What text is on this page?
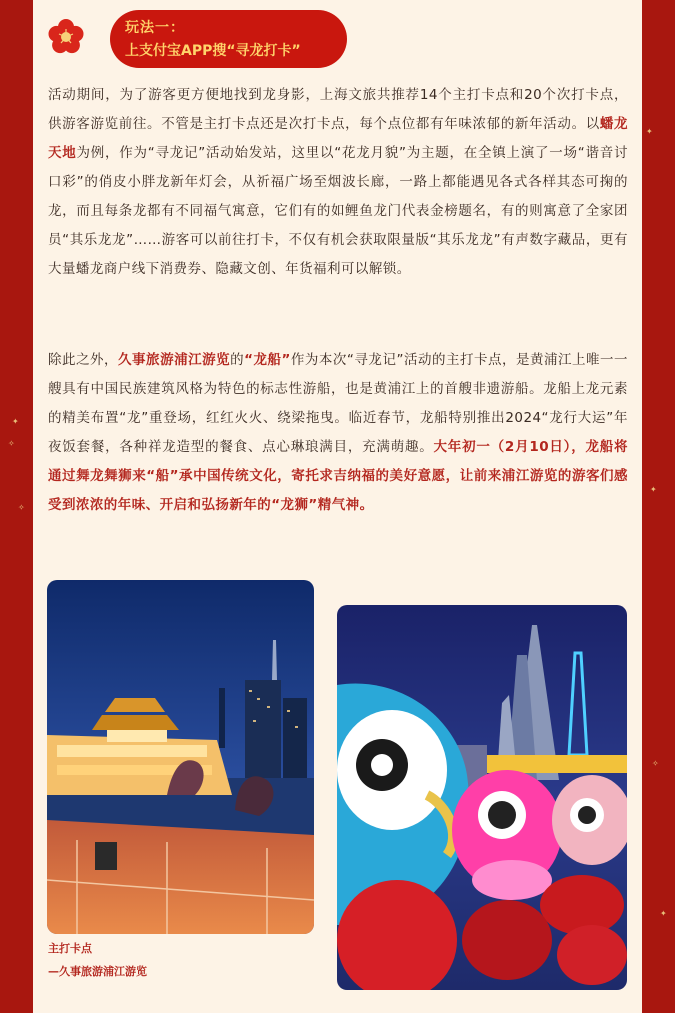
✦
✦
✧
✦
✧
✧
✦
玩法一：
上支付宝APP搜“寻龙打卡”

活动期间，为了游客更方便地找到龙身影，上海文旅共推荐14个主打卡点和20个次打卡点，供游客游览前往。不管是主打卡点还是次打卡点，每个点位都有年味浓郁的新年活动。以蟠龙天地为例，作为“寻龙记”活动始发站，这里以“花龙月貌”为主题，在全镇上演了一场“谐音讨口彩”的俏皮小胖龙新年灯会，从祈福广场至烟波长廊，一路上都能遇见各式各样其态可掬的龙，而且每条龙都有不同福气寓意，它们有的如鲤鱼龙门代表金榜题名，有的则寓意了全家团员“其乐龙龙”……游客可以前往打卡，不仅有机会获取限量版“其乐龙龙”有声数字藏品，更有大量蟠龙商户线下消费券、隐藏文创、年货福利可以解锁。

除此之外，久事旅游浦江游览的“龙船”作为本次“寻龙记”活动的主打卡点，是黄浦江上唯一一艘具有中国民族建筑风格为特色的标志性游船，也是黄浦江上的首艘非遗游船。龙船上龙元素的精美布置“龙”重登场，红红火火、绕梁拖曳。临近春节，龙船特别推出2024“龙行大运”年夜饭套餐，各种祥龙造型的餐食、点心琳琅满目，充满萌趣。大年初一（2月10日），龙船将通过舞龙舞狮来“船”承中国传统文化，寄托求吉纳福的美好意愿，让前来浦江游览的游客们感受到浓浓的年味、开启和弘扬新年的“龙狮”精气神。

主打卡点
—久事旅游浦江游览
